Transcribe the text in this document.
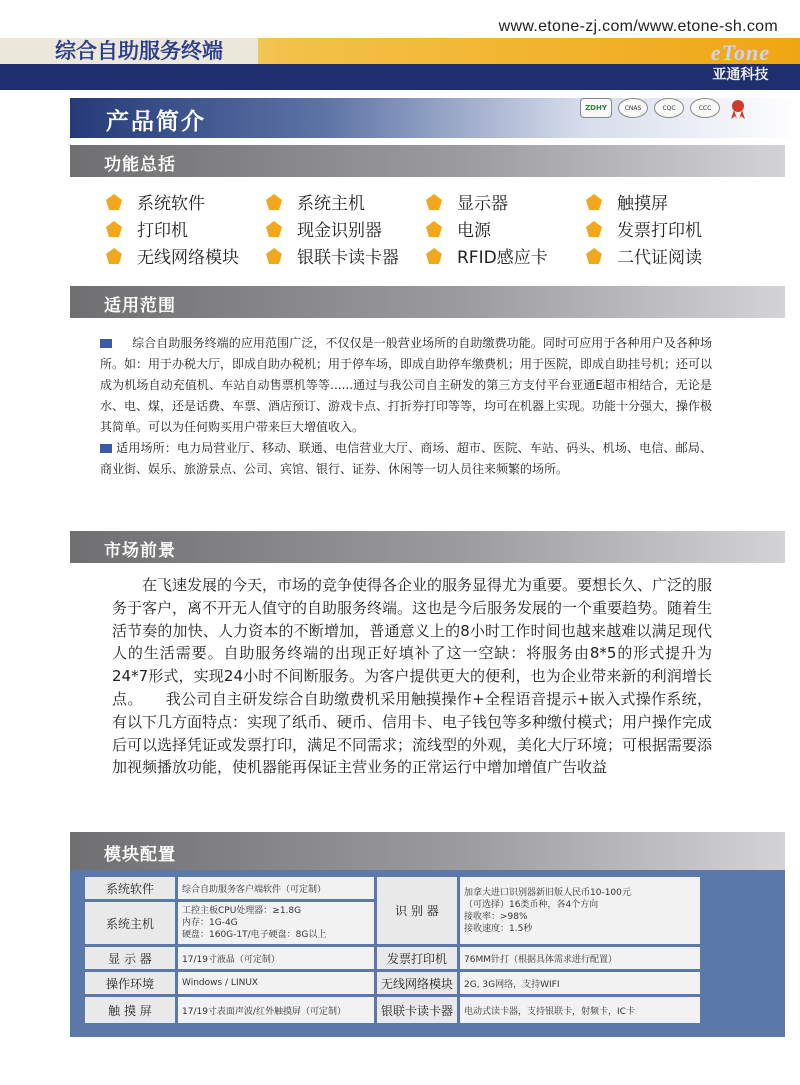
www.etone-zj.com/www.etone-sh.com
综合自助服务终端	eTone
亚通科技
产品简介
ZDHY	CNAS	CQC	CCC
功能总括
系统软件	系统主机	显示器	触摸屏
打印机	现金识别器	电源	发票打印机
无线网络模块	银联卡读卡器	RFID感应卡	二代证阅读
适用范围

综合自助服务终端的应用范围广泛，不仅仅是一般营业场所的自助缴费功能。同时可应用于各种用户及各种场所。如：用于办税大厅，即成自助办税机；用于停车场，即成自助停车缴费机；用于医院，即成自助挂号机；还可以成为机场自动充值机、车站自动售票机等等......通过与我公司自主研发的第三方支付平台亚通E超市相结合，无论是水、电、煤，还是话费、车票、酒店预订、游戏卡点、打折券打印等等，均可在机器上实现。功能十分强大，操作极其简单。可以为任何购买用户带来巨大增值收入。

适用场所：电力局营业厅、移动、联通、电信营业大厅、商场、超市、医院、车站、码头、机场、电信、邮局、商业街、娱乐、旅游景点、公司、宾馆、银行、证券、休闲等一切人员往来频繁的场所。

市场前景

在飞速发展的今天，市场的竞争使得各企业的服务显得尤为重要。要想长久、广泛的服务于客户，离不开无人值守的自助服务终端。这也是今后服务发展的一个重要趋势。随着生活节奏的加快、人力资本的不断增加，普通意义上的8小时工作时间也越来越难以满足现代人的生活需要。自助服务终端的出现正好填补了这一空缺：将服务由8*5的形式提升为24*7形式，实现24小时不间断服务。为客户提供更大的便利，也为企业带来新的利润增长点。　　 我公司自主研发综合自助缴费机采用触摸操作+全程语音提示+嵌入式操作系统，有以下几方面特点：实现了纸币、硬币、信用卡、电子钱包等多种缴付模式；用户操作完成后可以选择凭证或发票打印，满足不同需求；流线型的外观，美化大厅环境；可根据需要添加视频播放功能，使机器能再保证主营业务的正常运行中增加增值广告收益

模块配置
系统软件	综合自助服务客户端软件（可定制）	识 别 器	加拿大进口识别器新旧版人民币10-100元
（可选择）16类币种，各4个方向
接收率：>98%
接收速度：1.5秒

系统主机	工控主板CPU处理器：≥1.8G
内存：1G-4G
硬盘：160G-1T/电子硬盘：8G以上		

显 示 器	17/19寸液晶（可定制）	发票打印机	76MM针打（根据具体需求进行配置）
操作环境	Windows / LINUX	无线网络模块	2G, 3G网络，支持WIFI
触 摸 屏	17/19寸表面声波/红外触摸屏（可定制）	银联卡读卡器	电动式读卡器，支持银联卡，射频卡，IC卡
